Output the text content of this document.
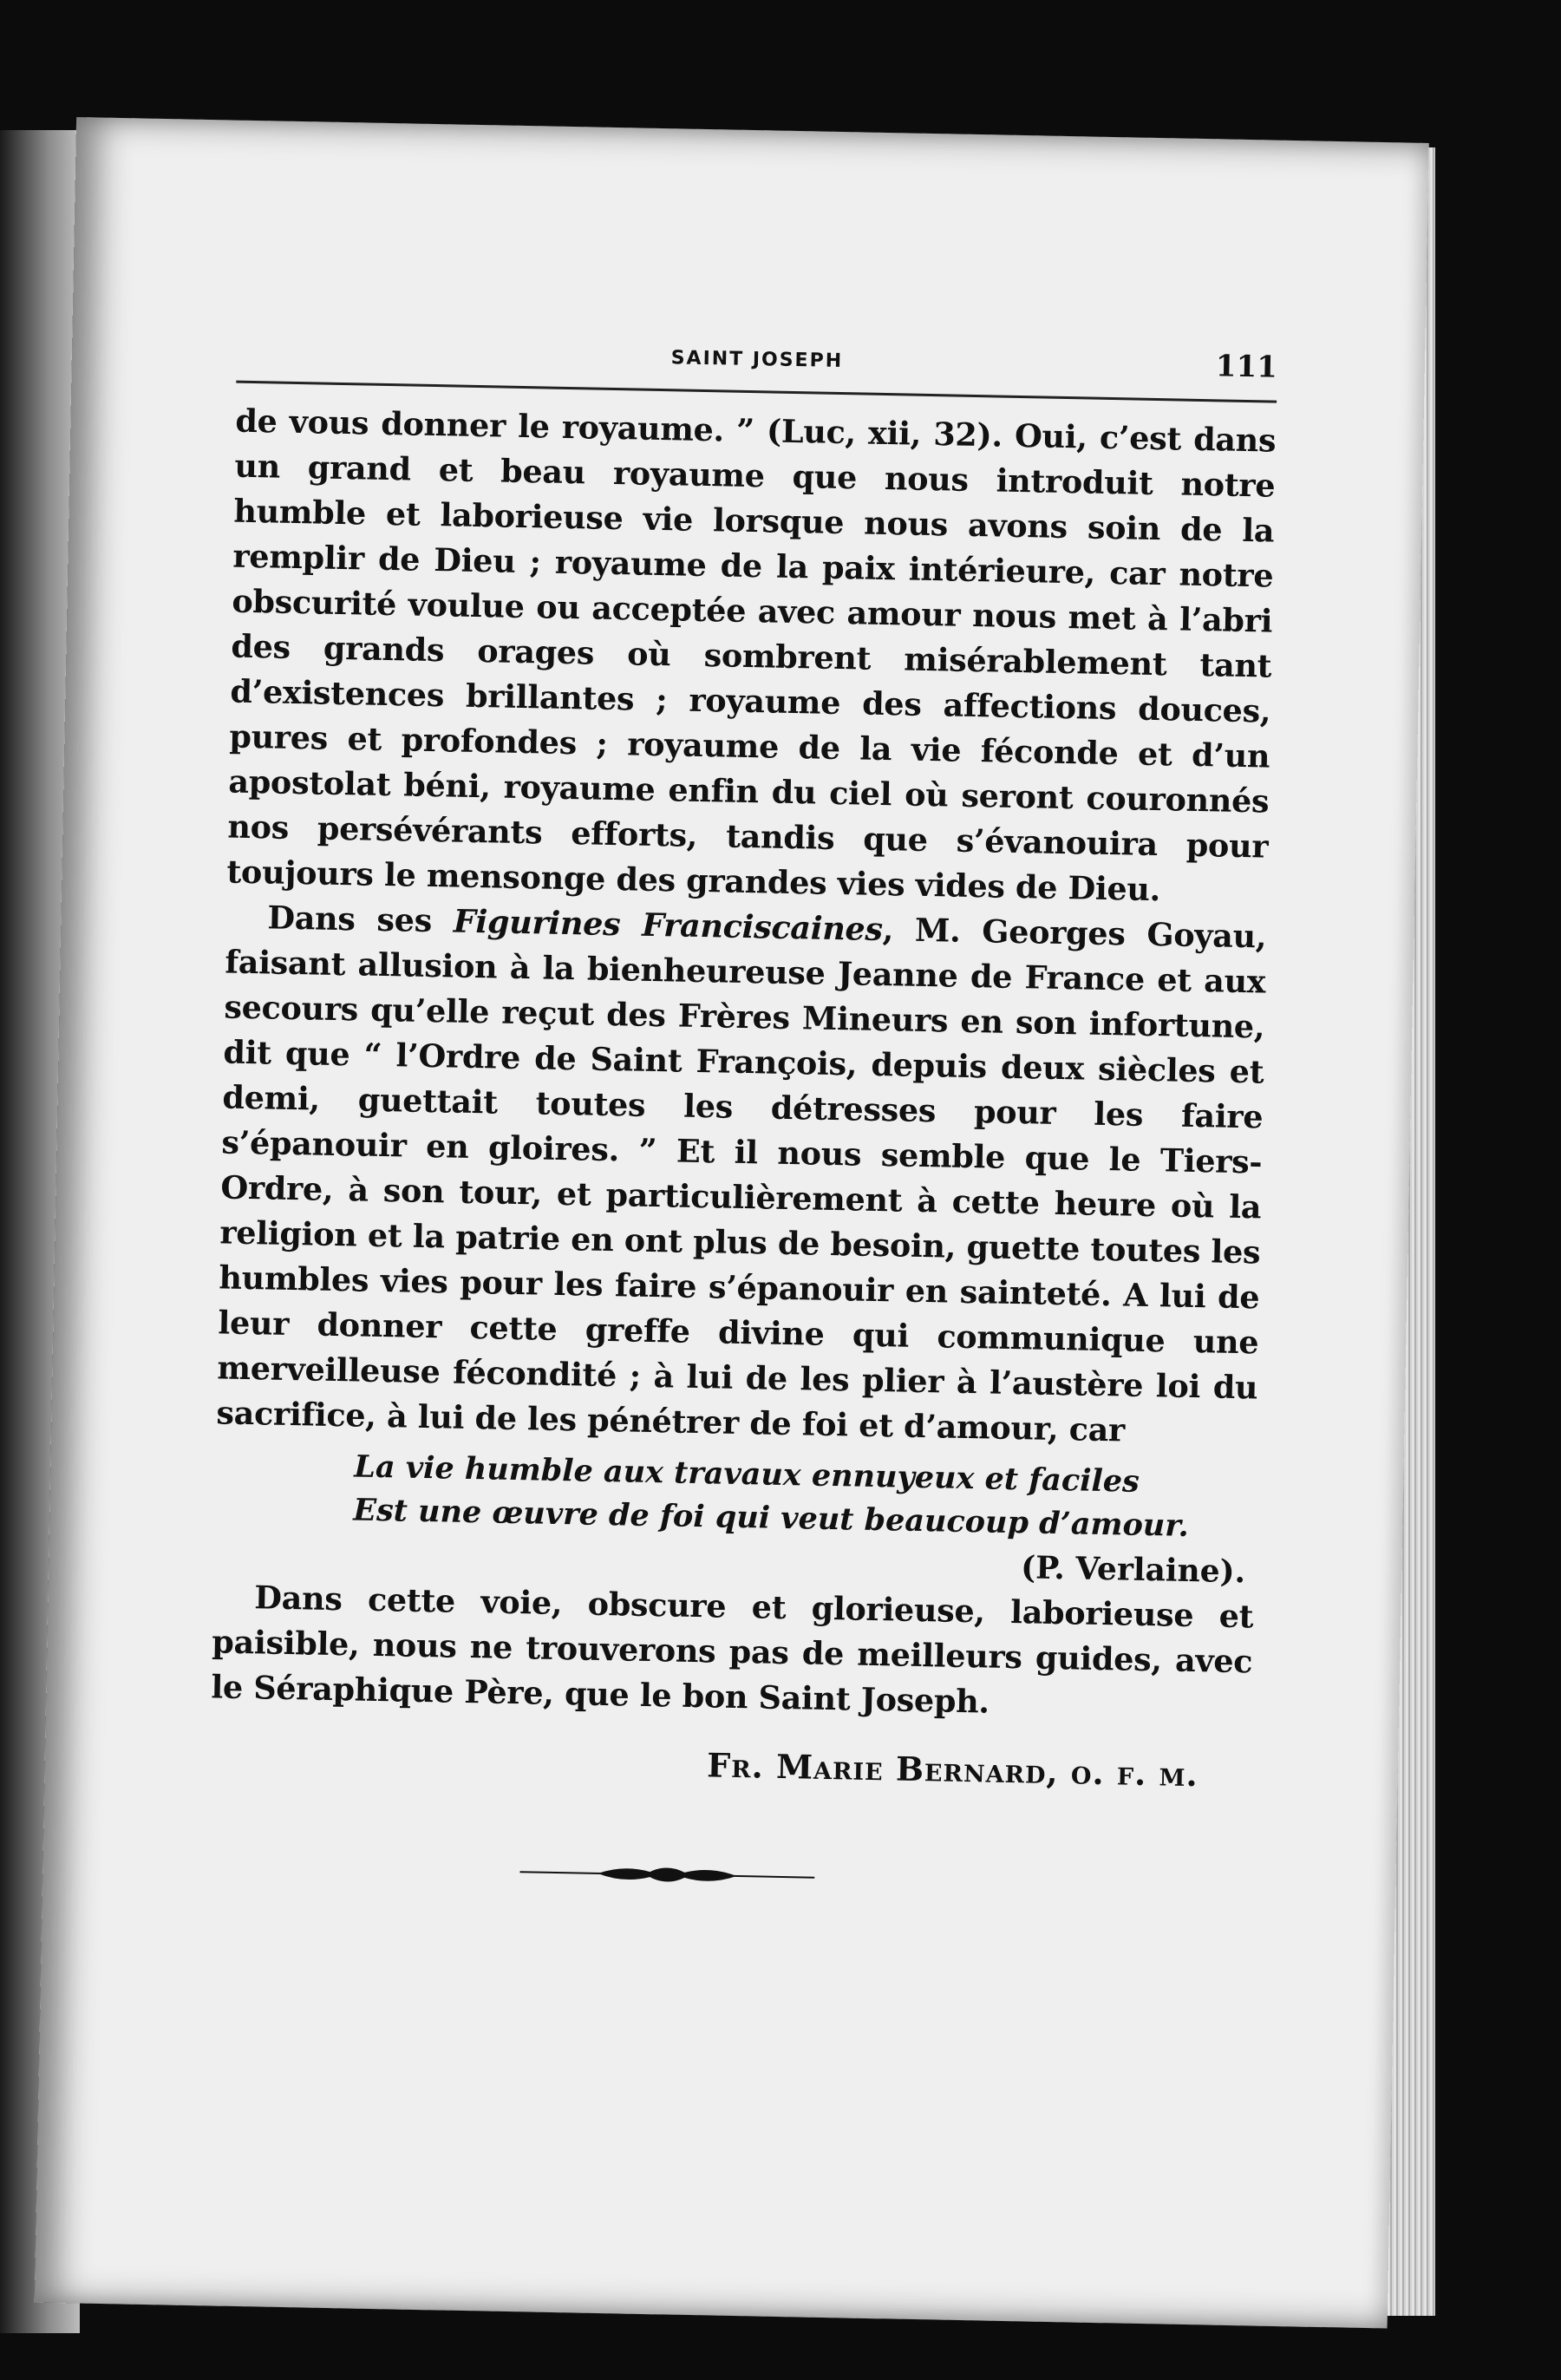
SAINT JOSEPH	111

de vous donner le royaume. ” (Luc, xii, 32). Oui, c’est dans un grand et beau royaume que nous introduit notre humble et laborieuse vie lorsque nous avons soin de la remplir de Dieu ; royaume de la paix intérieure, car notre obscurité voulue ou acceptée avec amour nous met à l’abri des grands orages où sombrent misérablement tant d’existences brillantes ; royaume des affections douces, pures et profondes ; royaume de la vie féconde et d’un apostolat béni, royaume enfin du ciel où seront couronnés nos persévérants efforts, tandis que s’évanouira pour toujours le mensonge des grandes vies vides de Dieu.

Dans ses Figurines Franciscaines, M. Georges Goyau, faisant allusion à la bienheureuse Jeanne de France et aux secours qu’elle reçut des Frères Mineurs en son infortune, dit que “ l’Ordre de Saint François, depuis deux siècles et demi, guettait toutes les détresses pour les faire s’épanouir en gloires. ” Et il nous semble que le Tiers-Ordre, à son tour, et particulièrement à cette heure où la religion et la patrie en ont plus de besoin, guette toutes les humbles vies pour les faire s’épanouir en sainteté. A lui de leur donner cette greffe divine qui communique une merveilleuse fécondité ; à lui de les plier à l’austère loi du sacrifice, à lui de les pénétrer de foi et d’amour, car

La vie humble aux travaux ennuyeux et faciles
Est une œuvre de foi qui veut beaucoup d’amour.
(P. Verlaine).

Dans cette voie, obscure et glorieuse, laborieuse et paisible, nous ne trouverons pas de meilleurs guides, avec le Séraphique Père, que le bon Saint Joseph.

Fr. Marie Bernard, o. f. m.
